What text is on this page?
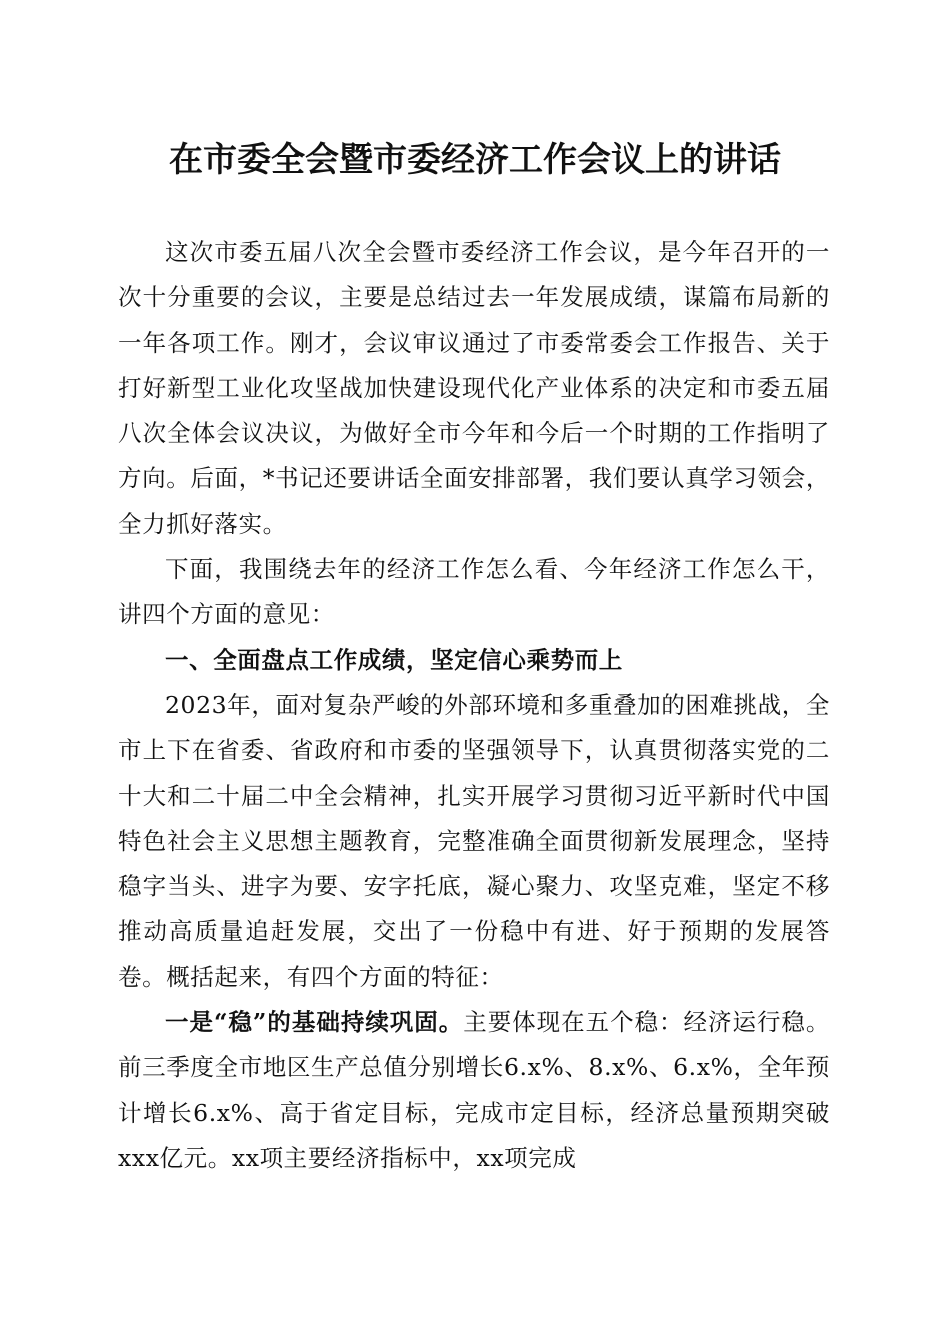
在市委全会暨市委经济工作会议上的讲话

这次市委五届八次全会暨市委经济工作会议，是今年召开的一次十分重要的会议，主要是总结过去一年发展成绩，谋篇布局新的一年各项工作。刚才，会议审议通过了市委常委会工作报告、关于打好新型工业化攻坚战加快建设现代化产业体系的决定和市委五届八次全体会议决议，为做好全市今年和今后一个时期的工作指明了方向。后面，*书记还要讲话全面安排部署，我们要认真学习领会，全力抓好落实。

下面，我围绕去年的经济工作怎么看、今年经济工作怎么干，讲四个方面的意见：

一、全面盘点工作成绩，坚定信心乘势而上

2023年，面对复杂严峻的外部环境和多重叠加的困难挑战，全市上下在省委、省政府和市委的坚强领导下，认真贯彻落实党的二十大和二十届二中全会精神，扎实开展学习贯彻习近平新时代中国特色社会主义思想主题教育，完整准确全面贯彻新发展理念，坚持稳字当头、进字为要、安字托底，凝心聚力、攻坚克难，坚定不移推动高质量追赶发展，交出了一份稳中有进、好于预期的发展答卷。概括起来，有四个方面的特征：

一是“稳”的基础持续巩固。主要体现在五个稳：经济运行稳。前三季度全市地区生产总值分别增长6.x%、8.x%、6.x%，全年预计增长6.x%、高于省定目标，完成市定目标，经济总量预期突破xxx亿元。xx项主要经济指标中，xx项完成
